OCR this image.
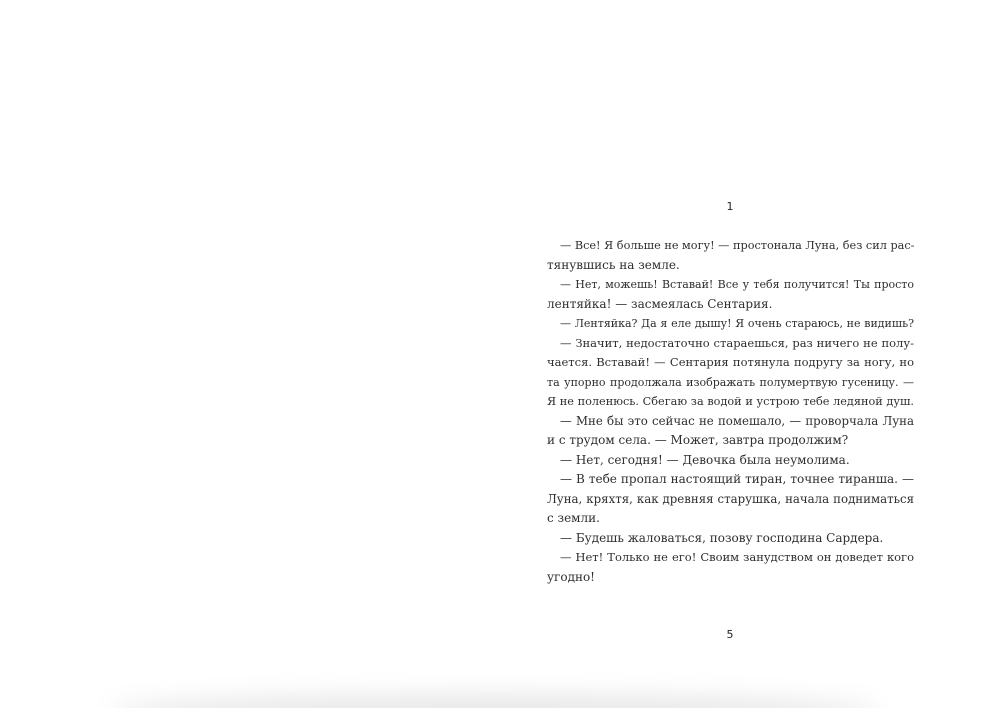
1
— Все! Я больше не могу! — простонала Луна, без сил рас-
тянувшись на земле.
— Нет, можешь! Вставай! Все у тебя получится! Ты просто
лентяйка! — засмеялась Сентария.
— Лентяйка? Да я еле дышу! Я очень стараюсь, не видишь?
— Значит, недостаточно стараешься, раз ничего не полу-
чается. Вставай! — Сентария потянула подругу за ногу, но
та упорно продолжала изображать полумертвую гусеницу. —
Я не поленюсь. Сбегаю за водой и устрою тебе ледяной душ.
— Мне бы это сейчас не помешало, — проворчала Луна
и с трудом села. — Может, завтра продолжим?
— Нет, сегодня! — Девочка была неумолима.
— В тебе пропал настоящий тиран, точнее тиранша. —
Луна, кряхтя, как древняя старушка, начала подниматься
с земли.
— Будешь жаловаться, позову господина Сардера.
— Нет! Только не его! Своим занудством он доведет кого
угодно!
5
